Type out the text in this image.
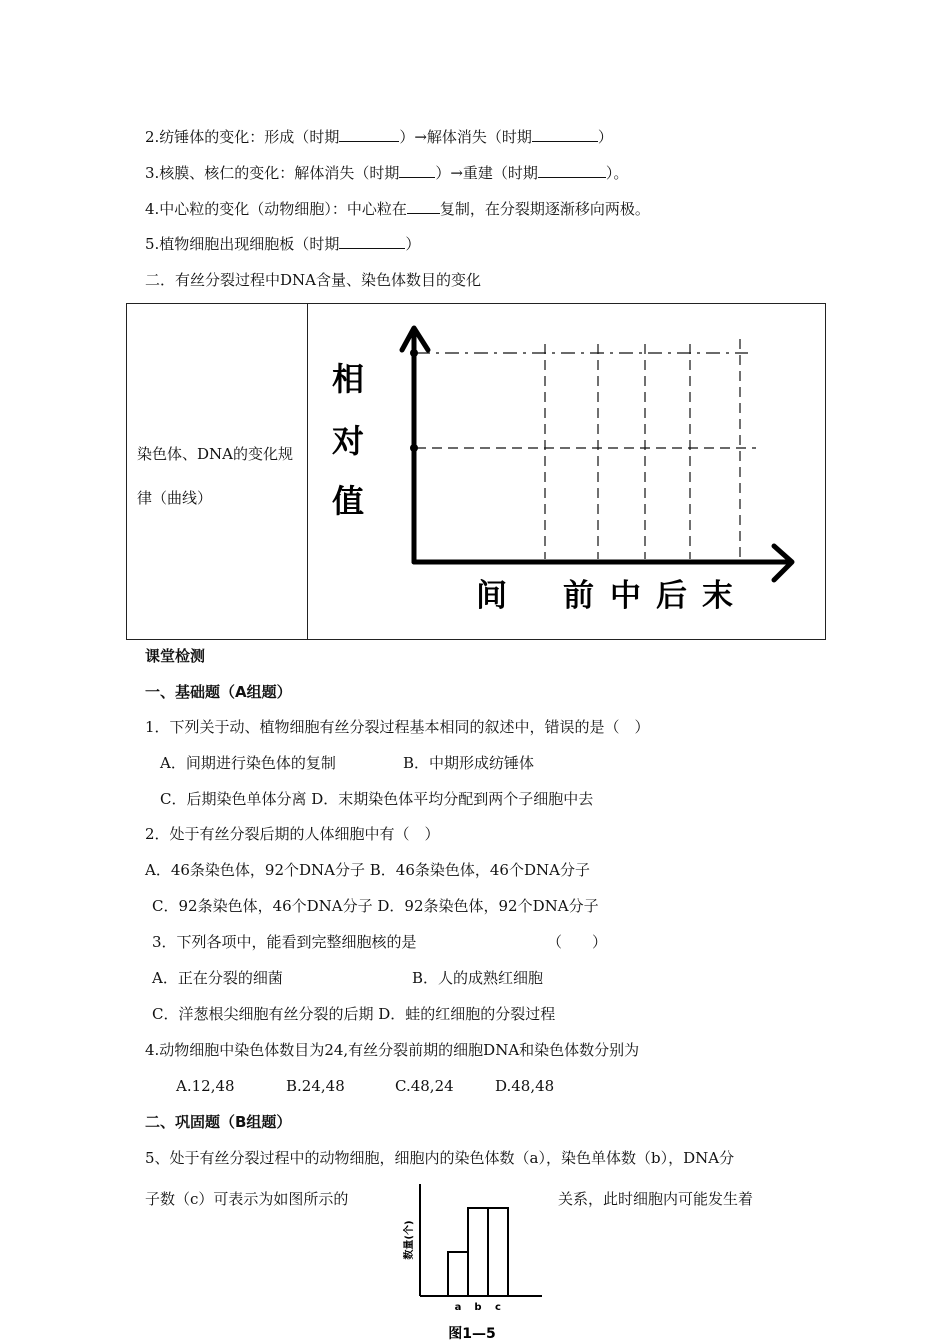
2.纺锤体的变化：形成（时期	）→解体消失（时期	）
3.核膜、核仁的变化：解体消失（时期 ）→重建（时期	）。
4.中心粒的变化（动物细胞）：中心粒在 复制，在分裂期逐渐移向两极。
5.植物细胞出现细胞板（时期	）
二．有丝分裂过程中DNA含量、染色体数目的变化
染色体、DNA的变化规律（曲线）
相
对
值
间 前 中 后 末
课堂检测
一、基础题（A组题）
1．下列关于动、植物细胞有丝分裂过程基本相同的叙述中，错误的是（　）
A．间期进行染色体的复制	B．中期形成纺锤体
C．后期染色单体分离 D．末期染色体平均分配到两个子细胞中去
2．处于有丝分裂后期的人体细胞中有（　）
A．46条染色体，92个DNA分子 B．46条染色体，46个DNA分子
C．92条染色体，46个DNA分子 D．92条染色体，92个DNA分子
3．下列各项中，能看到完整细胞核的是	（　　）
A．正在分裂的细菌	B．人的成熟红细胞
C．洋葱根尖细胞有丝分裂的后期 D．蛙的红细胞的分裂过程
4.动物细胞中染色体数目为24,有丝分裂前期的细胞DNA和染色体数分别为
A.12,48	B.24,48	C.48,24	D.48,48
二、巩固题（B组题）
5、处于有丝分裂过程中的动物细胞，细胞内的染色体数（a），染色单体数（b），DNA分
子数（c）可表示为如图所示的	关系，此时细胞内可能发生着
数量(个)
a b c
图1—5
